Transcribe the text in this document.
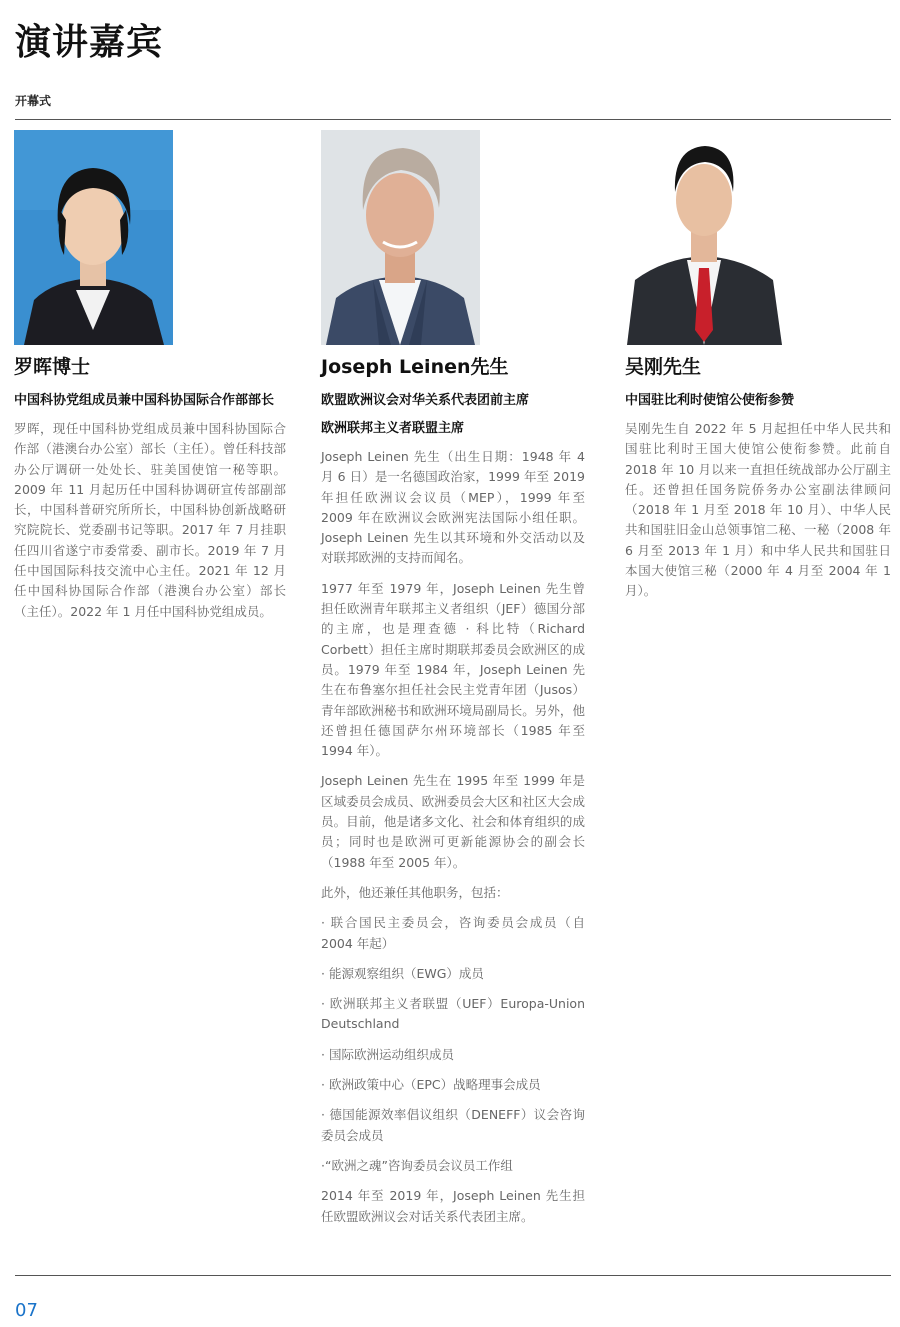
演讲嘉宾
开幕式
罗晖博士
中国科协党组成员兼中国科协国际合作部部长

罗晖，现任中国科协党组成员兼中国科协国际合作部（港澳台办公室）部长（主任）。曾任科技部办公厅调研一处处长、驻美国使馆一秘等职。2009 年 11 月起历任中国科协调研宣传部副部长，中国科普研究所所长，中国科协创新战略研究院院长、党委副书记等职。2017 年 7 月挂职任四川省遂宁市委常委、副市长。2019 年 7 月任中国国际科技交流中心主任。2021 年 12 月任中国科协国际合作部（港澳台办公室）部长（主任）。2022 年 1 月任中国科协党组成员。

Joseph Leinen先生
欧盟欧洲议会对华关系代表团前主席
欧洲联邦主义者联盟主席

Joseph Leinen 先生（出生日期：1948 年 4 月 6 日）是一名德国政治家，1999 年至 2019 年担任欧洲议会议员（MEP），1999 年至 2009 年在欧洲议会欧洲宪法国际小组任职。Joseph Leinen 先生以其环境和外交活动以及对联邦欧洲的支持而闻名。

1977 年至 1979 年，Joseph Leinen 先生曾担任欧洲青年联邦主义者组织（JEF）德国分部的主席，也是理查德 · 科比特（Richard Corbett）担任主席时期联邦委员会欧洲区的成员。1979 年至 1984 年，Joseph Leinen 先生在布鲁塞尔担任社会民主党青年团（Jusos）青年部欧洲秘书和欧洲环境局副局长。另外，他还曾担任德国萨尔州环境部长（1985 年至 1994 年）。

Joseph Leinen 先生在 1995 年至 1999 年是区域委员会成员、欧洲委员会大区和社区大会成员。目前，他是诸多文化、社会和体育组织的成员；同时也是欧洲可更新能源协会的副会长（1988 年至 2005 年）。

此外，他还兼任其他职务，包括：

· 联合国民主委员会，咨询委员会成员（自 2004 年起）

· 能源观察组织（EWG）成员

· 欧洲联邦主义者联盟（UEF）Europa-Union Deutschland

· 国际欧洲运动组织成员

· 欧洲政策中心（EPC）战略理事会成员

· 德国能源效率倡议组织（DENEFF）议会咨询委员会成员

·“欧洲之魂”咨询委员会议员工作组

2014 年至 2019 年，Joseph Leinen 先生担任欧盟欧洲议会对话关系代表团主席。

吴刚先生
中国驻比利时使馆公使衔参赞

吴刚先生自 2022 年 5 月起担任中华人民共和国驻比利时王国大使馆公使衔参赞。此前自 2018 年 10 月以来一直担任统战部办公厅副主任。还曾担任国务院侨务办公室副法律顾问（2018 年 1 月至 2018 年 10 月）、中华人民共和国驻旧金山总领事馆二秘、一秘（2008 年 6 月至 2013 年 1 月）和中华人民共和国驻日本国大使馆三秘（2000 年 4 月至 2004 年 1 月）。

07
